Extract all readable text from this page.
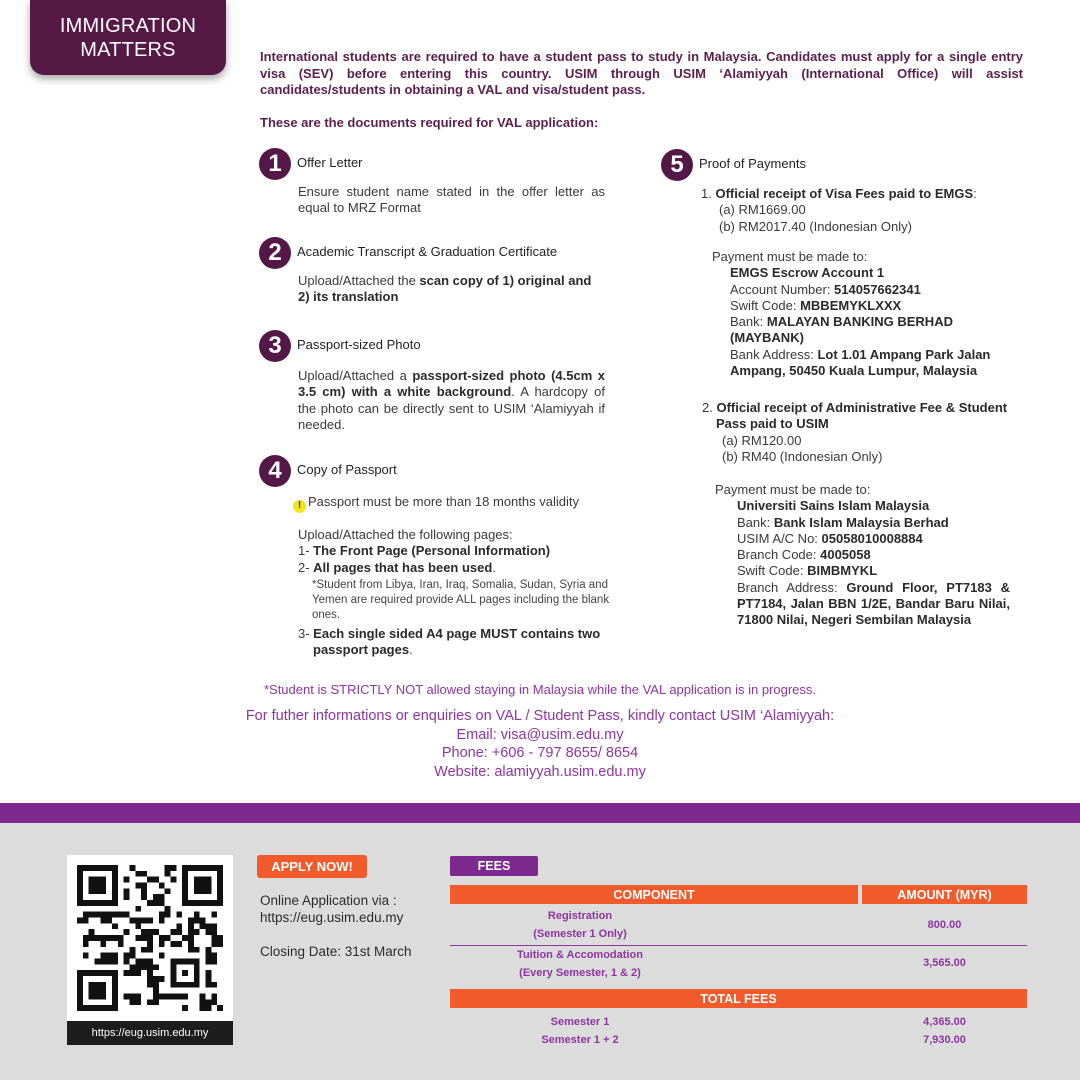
IMMIGRATION
MATTERS	International students are required to have a student pass to study in Malaysia. Candidates must apply for a single entry visa (SEV) before entering this country. USIM through USIM ‘Alamiyyah (International Office) will assist candidates/students in obtaining a VAL and visa/student pass.

These are the documents required for VAL application:

1	Offer Letter
Ensure student name stated in the offer letter as equal to MRZ Format
2	Academic Transcript & Graduation Certificate
Upload/Attached the scan copy of 1) original and 2) its translation
3	Passport-sized Photo
Upload/Attached a passport-sized photo (4.5cm x 3.5 cm) with a white background. A hardcopy of the photo can be directly sent to USIM ‘Alamiyyah if needed.
4	Copy of Passport
! Passport must be more than 18 months validity
Upload/Attached the following pages:
1- The Front Page (Personal Information)
2- All pages that has been used.
*Student from Libya, Iran, Iraq, Somalia, Sudan, Syria and Yemen are required provide ALL pages including the blank ones.
3- Each single sided A4 page MUST contains two passport pages.
5	Proof of Payments
1. Official receipt of Visa Fees paid to EMGS:
(a) RM1669.00
(b) RM2017.40 (Indonesian Only)
Payment must be made to:
EMGS Escrow Account 1
Account Number: 514057662341
Swift Code: MBBEMYKLXXX
Bank: MALAYAN BANKING BERHAD (MAYBANK)
Bank Address: Lot 1.01 Ampang Park Jalan Ampang, 50450 Kuala Lumpur, Malaysia
2. Official receipt of Administrative Fee & Student Pass paid to USIM
(a) RM120.00
(b) RM40 (Indonesian Only)
Payment must be made to:
Universiti Sains Islam Malaysia
Bank: Bank Islam Malaysia Berhad
USIM A/C No: 05058010008884
Branch Code: 4005058
Swift Code: BIMBMYKL
Branch Address: Ground Floor, PT7183 & PT7184, Jalan BBN 1/2E, Bandar Baru Nilai, 71800 Nilai, Negeri Sembilan Malaysia
*Student is STRICTLY NOT allowed staying in Malaysia while the VAL application is in progress.
For futher informations or enquiries on VAL / Student Pass, kindly contact USIM ‘Alamiyyah:
Email: visa@usim.edu.my
Phone: +606 - 797 8655/ 8654
Website: alamiyyah.usim.edu.my
https://eug.usim.edu.my
APPLY NOW!
Online Application via :
https://eug.usim.edu.my
Closing Date: 31st March
FEES
COMPONENT	AMOUNT (MYR)
Registration
(Semester 1 Only)
800.00
Tuition & Accomodation
(Every Semester, 1 & 2)
3,565.00
TOTAL FEES
Semester 1	4,365.00
Semester 1 + 2	7,930.00
